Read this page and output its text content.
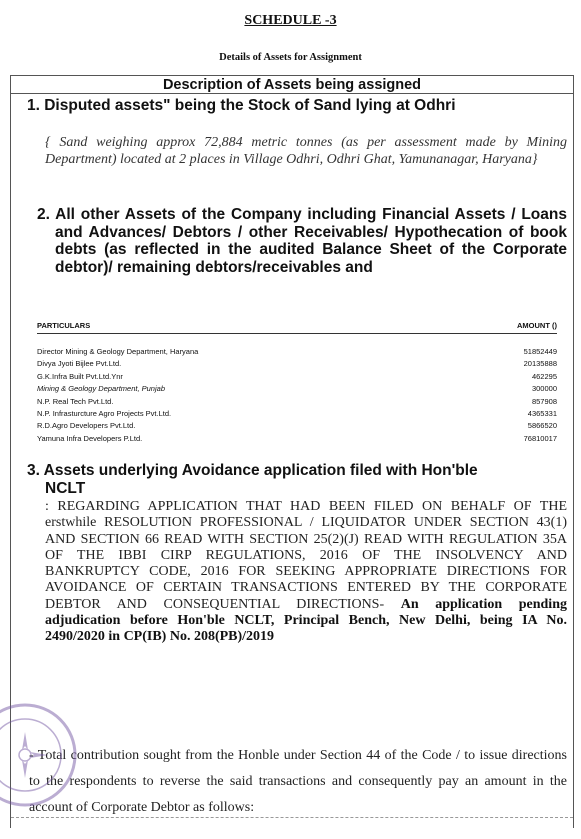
SCHEDULE -3
Details of Assets for Assignment
Description of Assets being assigned
1. Disputed assets" being the Stock of Sand lying at Odhri
{ Sand weighing approx 72,884 metric tonnes (as per assessment made by Mining Department) located at 2 places in Village Odhri, Odhri Ghat, Yamunanagar, Haryana}
2. All other Assets of the Company including Financial Assets / Loans and Advances/ Debtors / other Receivables/ Hypothecation of book debts (as reflected in the audited Balance Sheet of the Corporate debtor)/ remaining debtors/receivables and
PARTICULARS	AMOUNT ()
Director Mining & Geology Department, Haryana	51852449
Divya Jyoti Bijlee Pvt.Ltd.	20135888
G.K.Infra Built Pvt.Ltd.Ynr	462295
Mining & Geology Department, Punjab	300000
N.P. Real Tech Pvt.Ltd.	857908
N.P. Infrasturcture Agro Projects Pvt.Ltd.	4365331
R.D.Agro Developers Pvt.Ltd.	5866520
Yamuna Infra Developers P.Ltd.	76810017
3. Assets underlying Avoidance application filed with Hon'ble
NCLT
: REGARDING APPLICATION THAT HAD BEEN FILED ON BEHALF OF THE erstwhile RESOLUTION PROFESSIONAL / LIQUIDATOR UNDER SECTION 43(1) AND SECTION 66 READ WITH SECTION 25(2)(J) READ WITH REGULATION 35A OF THE IBBI CIRP REGULATIONS, 2016 OF THE INSOLVENCY AND BANKRUPTCY CODE, 2016 FOR SEEKING APPROPRIATE DIRECTIONS FOR AVOIDANCE OF CERTAIN TRANSACTIONS ENTERED BY THE CORPORATE DEBTOR AND CONSEQUENTIAL DIRECTIONS- An application pending adjudication before Hon'ble NCLT, Principal Bench, New Delhi, being IA No. 2490/2020 in CP(IB) No. 208(PB)/2019
- Total contribution sought from the Honble under Section 44 of the Code / to issue directions to the respondents to reverse the said transactions and consequently pay an amount in the account of Corporate Debtor as follows:
